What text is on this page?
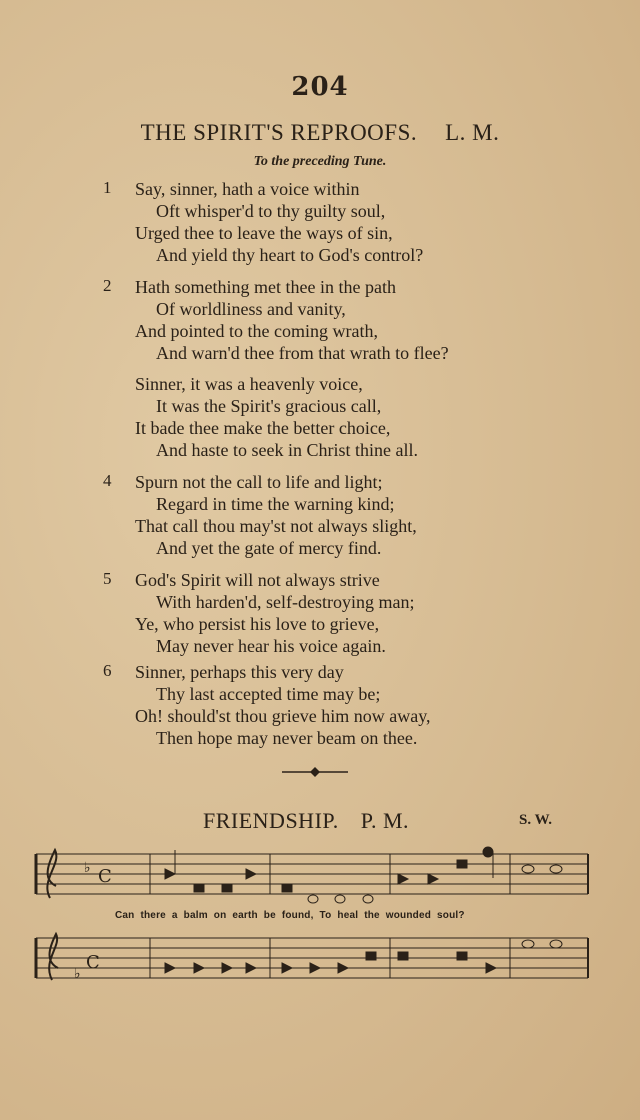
204
THE SPIRIT'S REPROOFS. L. M.
To the preceding Tune.
1	Say, sinner, hath a voice within
Oft whisper'd to thy guilty soul,
Urged thee to leave the ways of sin,
And yield thy heart to God's control?
2	Hath something met thee in the path
Of worldliness and vanity,
And pointed to the coming wrath,
And warn'd thee from that wrath to flee?
Sinner, it was a heavenly voice,
It was the Spirit's gracious call,
It bade thee make the better choice,
And haste to seek in Christ thine all.
4	Spurn not the call to life and light;
Regard in time the warning kind;
That call thou may'st not always slight,
And yet the gate of mercy find.
5	God's Spirit will not always strive
With harden'd, self-destroying man;
Ye, who persist his love to grieve,
May never hear his voice again.
6	Sinner, perhaps this very day
Thy last accepted time may be;
Oh! should'st thou grieve him now away,
Then hope may never beam on thee.
FRIENDSHIP. P. M.	S. W.
♭ C
♭
C
Can there a balm on earth be found, To heal the wounded soul?
